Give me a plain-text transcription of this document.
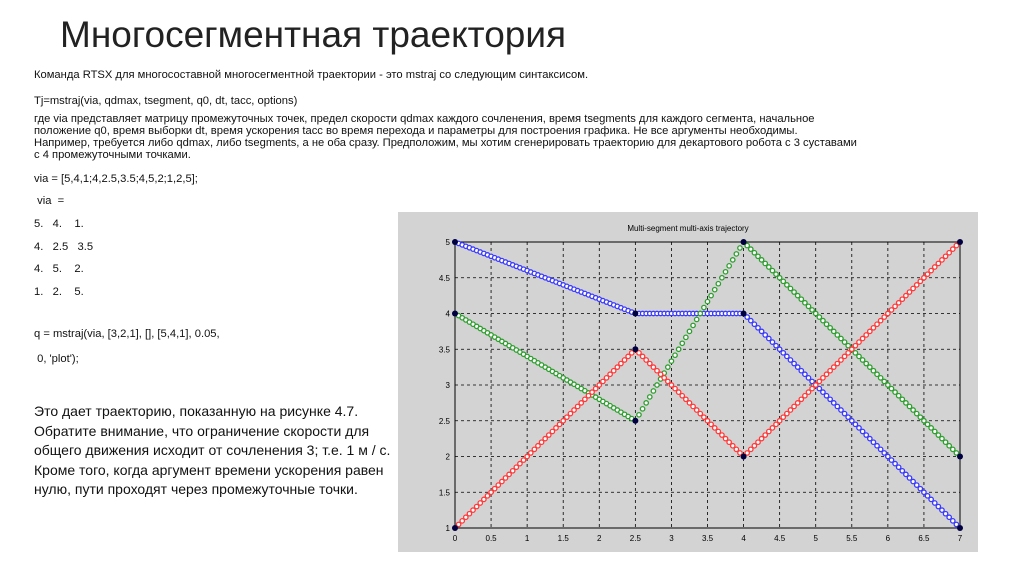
Многосегментная траектория
Команда RTSX для многосоставной многосегментной траектории - это mstraj со следующим синтаксисом.
Tj=mstraj(via, qdmax, tsegment, q0, dt, tacc, options)
где via представляет матрицу промежуточных точек, предел скорости qdmax каждого сочленения, время tsegments для каждого сегмента, начальное
положение q0, время выборки dt, время ускорения tacc во время перехода и параметры для построения графика. Не все аргументы необходимы.
Например, требуется либо qdmax, либо tsegments, а не оба сразу. Предположим, мы хотим сгенерировать траекторию для декартового робота с 3 суставами
с 4 промежуточными точками.
via = [5,4,1;4,2.5,3.5;4,5,2;1,2,5];
via  =
5.   4.    1.
4.   2.5   3.5
4.   5.    2.
1.   2.    5.
q = mstraj(via, [3,2,1], [], [5,4,1], 0.05,
0, 'plot');
Это дает траекторию, показанную на рисунке 4.7. Обратите внимание, что ограничение скорости для общего движения исходит от сочленения 3; т.е. 1 м / с. Кроме того, когда аргумент времени ускорения равен нулю, пути проходят через промежуточные точки.
Multi-segment multi-axis trajectory
0	0.5	1	1.5	2	2.5	3	3.5	4	4.5	5	5.5	6	6.5	7
1
1.5
2
2.5
3
3.5
4
4.5
5
